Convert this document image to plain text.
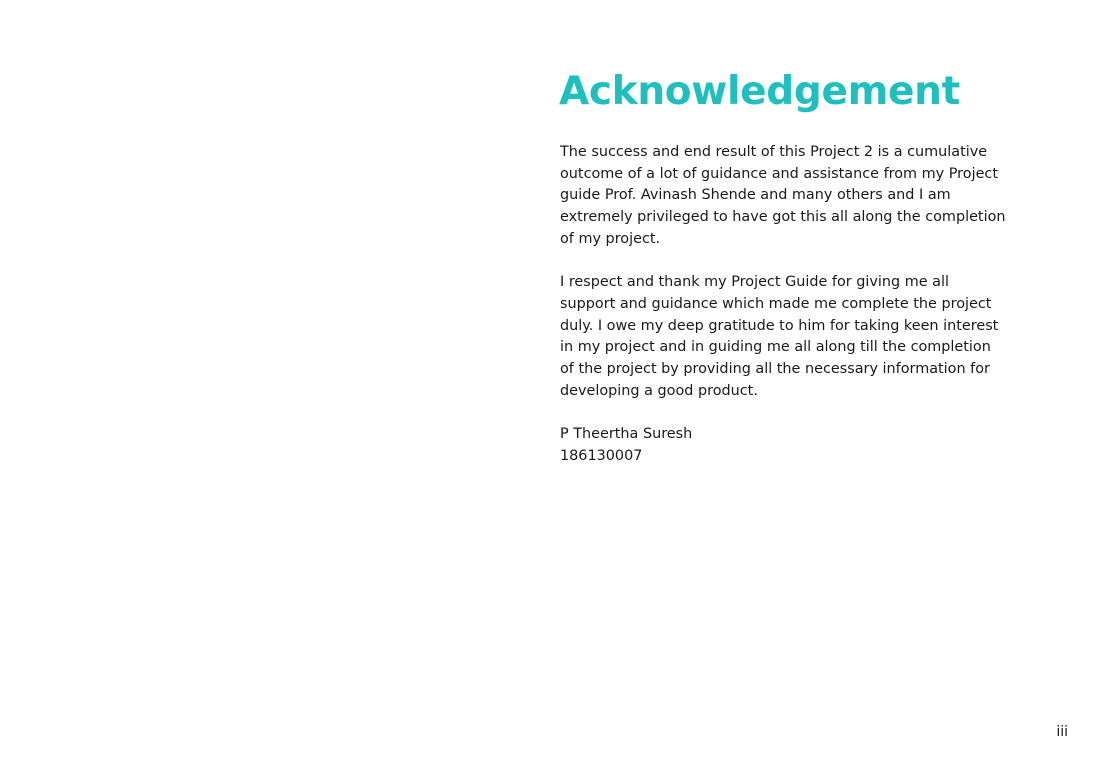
Acknowledgement

The success and end result of this Project 2 is a cumulative
outcome of a lot of guidance and assistance from my Project
guide Prof. Avinash Shende and many others and I am
extremely privileged to have got this all along the completion
of my project.

I respect and thank my Project Guide for giving me all
support and guidance which made me complete the project
duly. I owe my deep gratitude to him for taking keen interest
in my project and in guiding me all along till the completion
of the project by providing all the necessary information for
developing a good product.

P Theertha Suresh
186130007
iii
